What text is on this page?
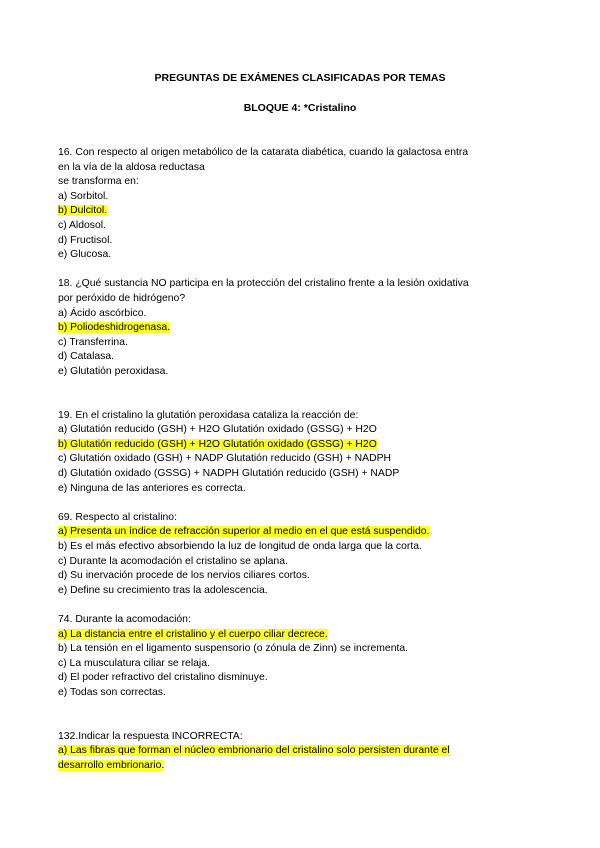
PREGUNTAS DE EXÁMENES CLASIFICADAS POR TEMAS
BLOQUE 4: *Cristalino
16. Con respecto al origen metabólico de la catarata diabética, cuando la galactosa entra
en la vía de la aldosa reductasa
se transforma en:
a) Sorbitol.
b) Dulcitol.
c) Aldosol.
d) Fructisol.
e) Glucosa.
18. ¿Qué sustancia NO participa en la protección del cristalino frente a la lesión oxidativa
por peróxido de hidrógeno?
a) Ácido ascórbico.
b) Poliodeshidrogenasa.
c) Transferrina.
d) Catalasa.
e) Glutatión peroxidasa.
19. En el cristalino la glutatión peroxidasa cataliza la reacción de:
a) Glutatión reducido (GSH) + H2O Glutatión oxidado (GSSG) + H2O
b) Glutatión reducido (GSH) + H2O Glutatión oxidado (GSSG) + H2O
c) Glutatión oxidado (GSH) + NADP Glutatión reducido (GSH) + NADPH
d) Glutatión oxidado (GSSG) + NADPH Glutatión reducido (GSH) + NADP
e) Ninguna de las anteriores es correcta.
69. Respecto al cristalino:
a) Presenta un índice de refracción superior al medio en el que está suspendido.
b) Es el más efectivo absorbiendo la luz de longitud de onda larga que la corta.
c) Durante la acomodación el cristalino se aplana.
d) Su inervación procede de los nervios ciliares cortos.
e) Define su crecimiento tras la adolescencia.
74. Durante la acomodación:
a) La distancia entre el cristalino y el cuerpo ciliar decrece.
b) La tensión en el ligamento suspensorio (o zónula de Zinn) se incrementa.
c) La musculatura ciliar se relaja.
d) El poder refractivo del cristalino disminuye.
e) Todas son correctas.
132.Indicar la respuesta INCORRECTA:
a) Las fibras que forman el núcleo embrionario del cristalino solo persisten durante el
desarrollo embrionario.
